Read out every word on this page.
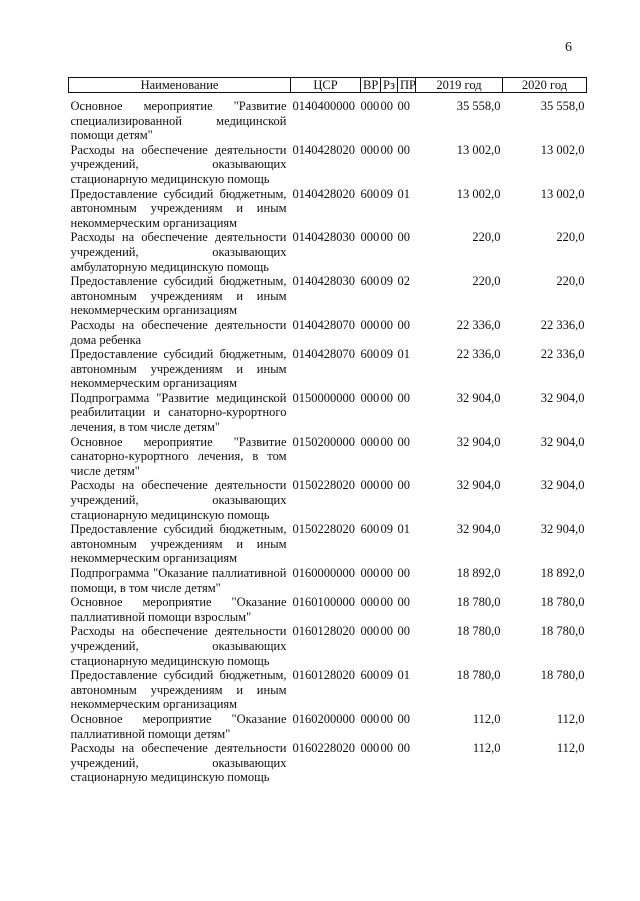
6
Наименование	ЦСР	ВР	Рз	ПР	2019 год	2020 год
Основное мероприятие "Развитие специализированной медицинской помощи детям"	0140400000	000	00	00	35 558,0	35 558,0
Расходы на обеспечение деятельности учреждений, оказывающих стационарную медицинскую помощь	0140428020	000	00	00	13 002,0	13 002,0
Предоставление субсидий бюджетным, автономным учреждениям и иным некоммерческим организациям	0140428020	600	09	01	13 002,0	13 002,0
Расходы на обеспечение деятельности учреждений, оказывающих амбулаторную медицинскую помощь	0140428030	000	00	00	220,0	220,0
Предоставление субсидий бюджетным, автономным учреждениям и иным некоммерческим организациям	0140428030	600	09	02	220,0	220,0
Расходы на обеспечение деятельности дома ребенка	0140428070	000	00	00	22 336,0	22 336,0
Предоставление субсидий бюджетным, автономным учреждениям и иным некоммерческим организациям	0140428070	600	09	01	22 336,0	22 336,0
Подпрограмма "Развитие медицинской реабилитации и санаторно-курортного лечения, в том числе детям"	0150000000	000	00	00	32 904,0	32 904,0
Основное мероприятие "Развитие санаторно-курортного лечения, в том числе детям"	0150200000	000	00	00	32 904,0	32 904,0
Расходы на обеспечение деятельности учреждений, оказывающих стационарную медицинскую помощь	0150228020	000	00	00	32 904,0	32 904,0
Предоставление субсидий бюджетным, автономным учреждениям и иным некоммерческим организациям	0150228020	600	09	01	32 904,0	32 904,0
Подпрограмма "Оказание паллиативной помощи, в том числе детям"	0160000000	000	00	00	18 892,0	18 892,0
Основное мероприятие "Оказание паллиативной помощи взрослым"	0160100000	000	00	00	18 780,0	18 780,0
Расходы на обеспечение деятельности учреждений, оказывающих стационарную медицинскую помощь	0160128020	000	00	00	18 780,0	18 780,0
Предоставление субсидий бюджетным, автономным учреждениям и иным некоммерческим организациям	0160128020	600	09	01	18 780,0	18 780,0
Основное мероприятие "Оказание паллиативной помощи детям"	0160200000	000	00	00	112,0	112,0
Расходы на обеспечение деятельности учреждений, оказывающих стационарную медицинскую помощь	0160228020	000	00	00	112,0	112,0
